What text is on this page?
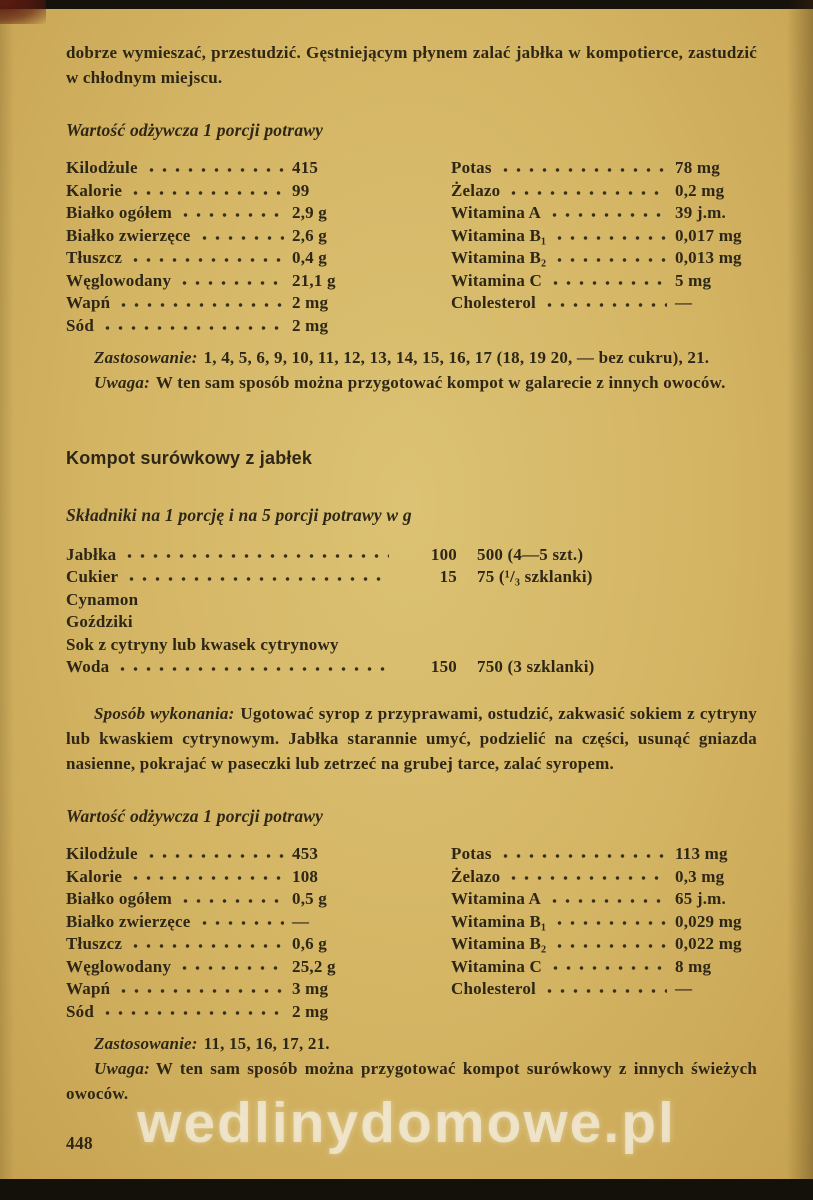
dobrze wymieszać, przestudzić. Gęstniejącym płynem zalać jabłka w kompotierce, zastudzić w chłodnym miejscu.

Wartość odżywcza 1 porcji potrawy
Kilodżule	415
Kalorie	99
Białko ogółem	2,9 g
Białko zwierzęce	2,6 g
Tłuszcz	0,4 g
Węglowodany	21,1 g
Wapń	2 mg
Sód	2 mg
Potas	78 mg
Żelazo	0,2 mg
Witamina A	39 j.m.
Witamina B₁	0,017 mg
Witamina B₂	0,013 mg
Witamina C	5 mg
Cholesterol	—

Zastosowanie: 1, 4, 5, 6, 9, 10, 11, 12, 13, 14, 15, 16, 17 (18, 19 20, — bez cukru), 21.

Uwaga: W ten sam sposób można przygotować kompot w galarecie z innych owoców.

Kompot surówkowy z jabłek
Składniki na 1 porcję i na 5 porcji potrawy w g
Jabłka	100	500 (4—5 szt.)
Cukier	15	75 (¹/₃ szklanki)
Cynamon
Goździki
Sok z cytryny lub kwasek cytrynowy
Woda	150	750 (3 szklanki)

Sposób wykonania: Ugotować syrop z przyprawami, ostudzić, zakwasić sokiem z cytryny lub kwaskiem cytrynowym. Jabłka starannie umyć, podzielić na części, usunąć gniazda nasienne, pokrajać w paseczki lub zetrzeć na grubej tarce, zalać syropem.

Wartość odżywcza 1 porcji potrawy
Kilodżule	453
Kalorie	108
Białko ogółem	0,5 g
Białko zwierzęce	—
Tłuszcz	0,6 g
Węglowodany	25,2 g
Wapń	3 mg
Sód	2 mg
Potas	113 mg
Żelazo	0,3 mg
Witamina A	65 j.m.
Witamina B₁	0,029 mg
Witamina B₂	0,022 mg
Witamina C	8 mg
Cholesterol	—

Zastosowanie: 11, 15, 16, 17, 21.

Uwaga: W ten sam sposób można przygotować kompot surówkowy z innych świeżych owoców.

448 wedlinydomowe.pl
